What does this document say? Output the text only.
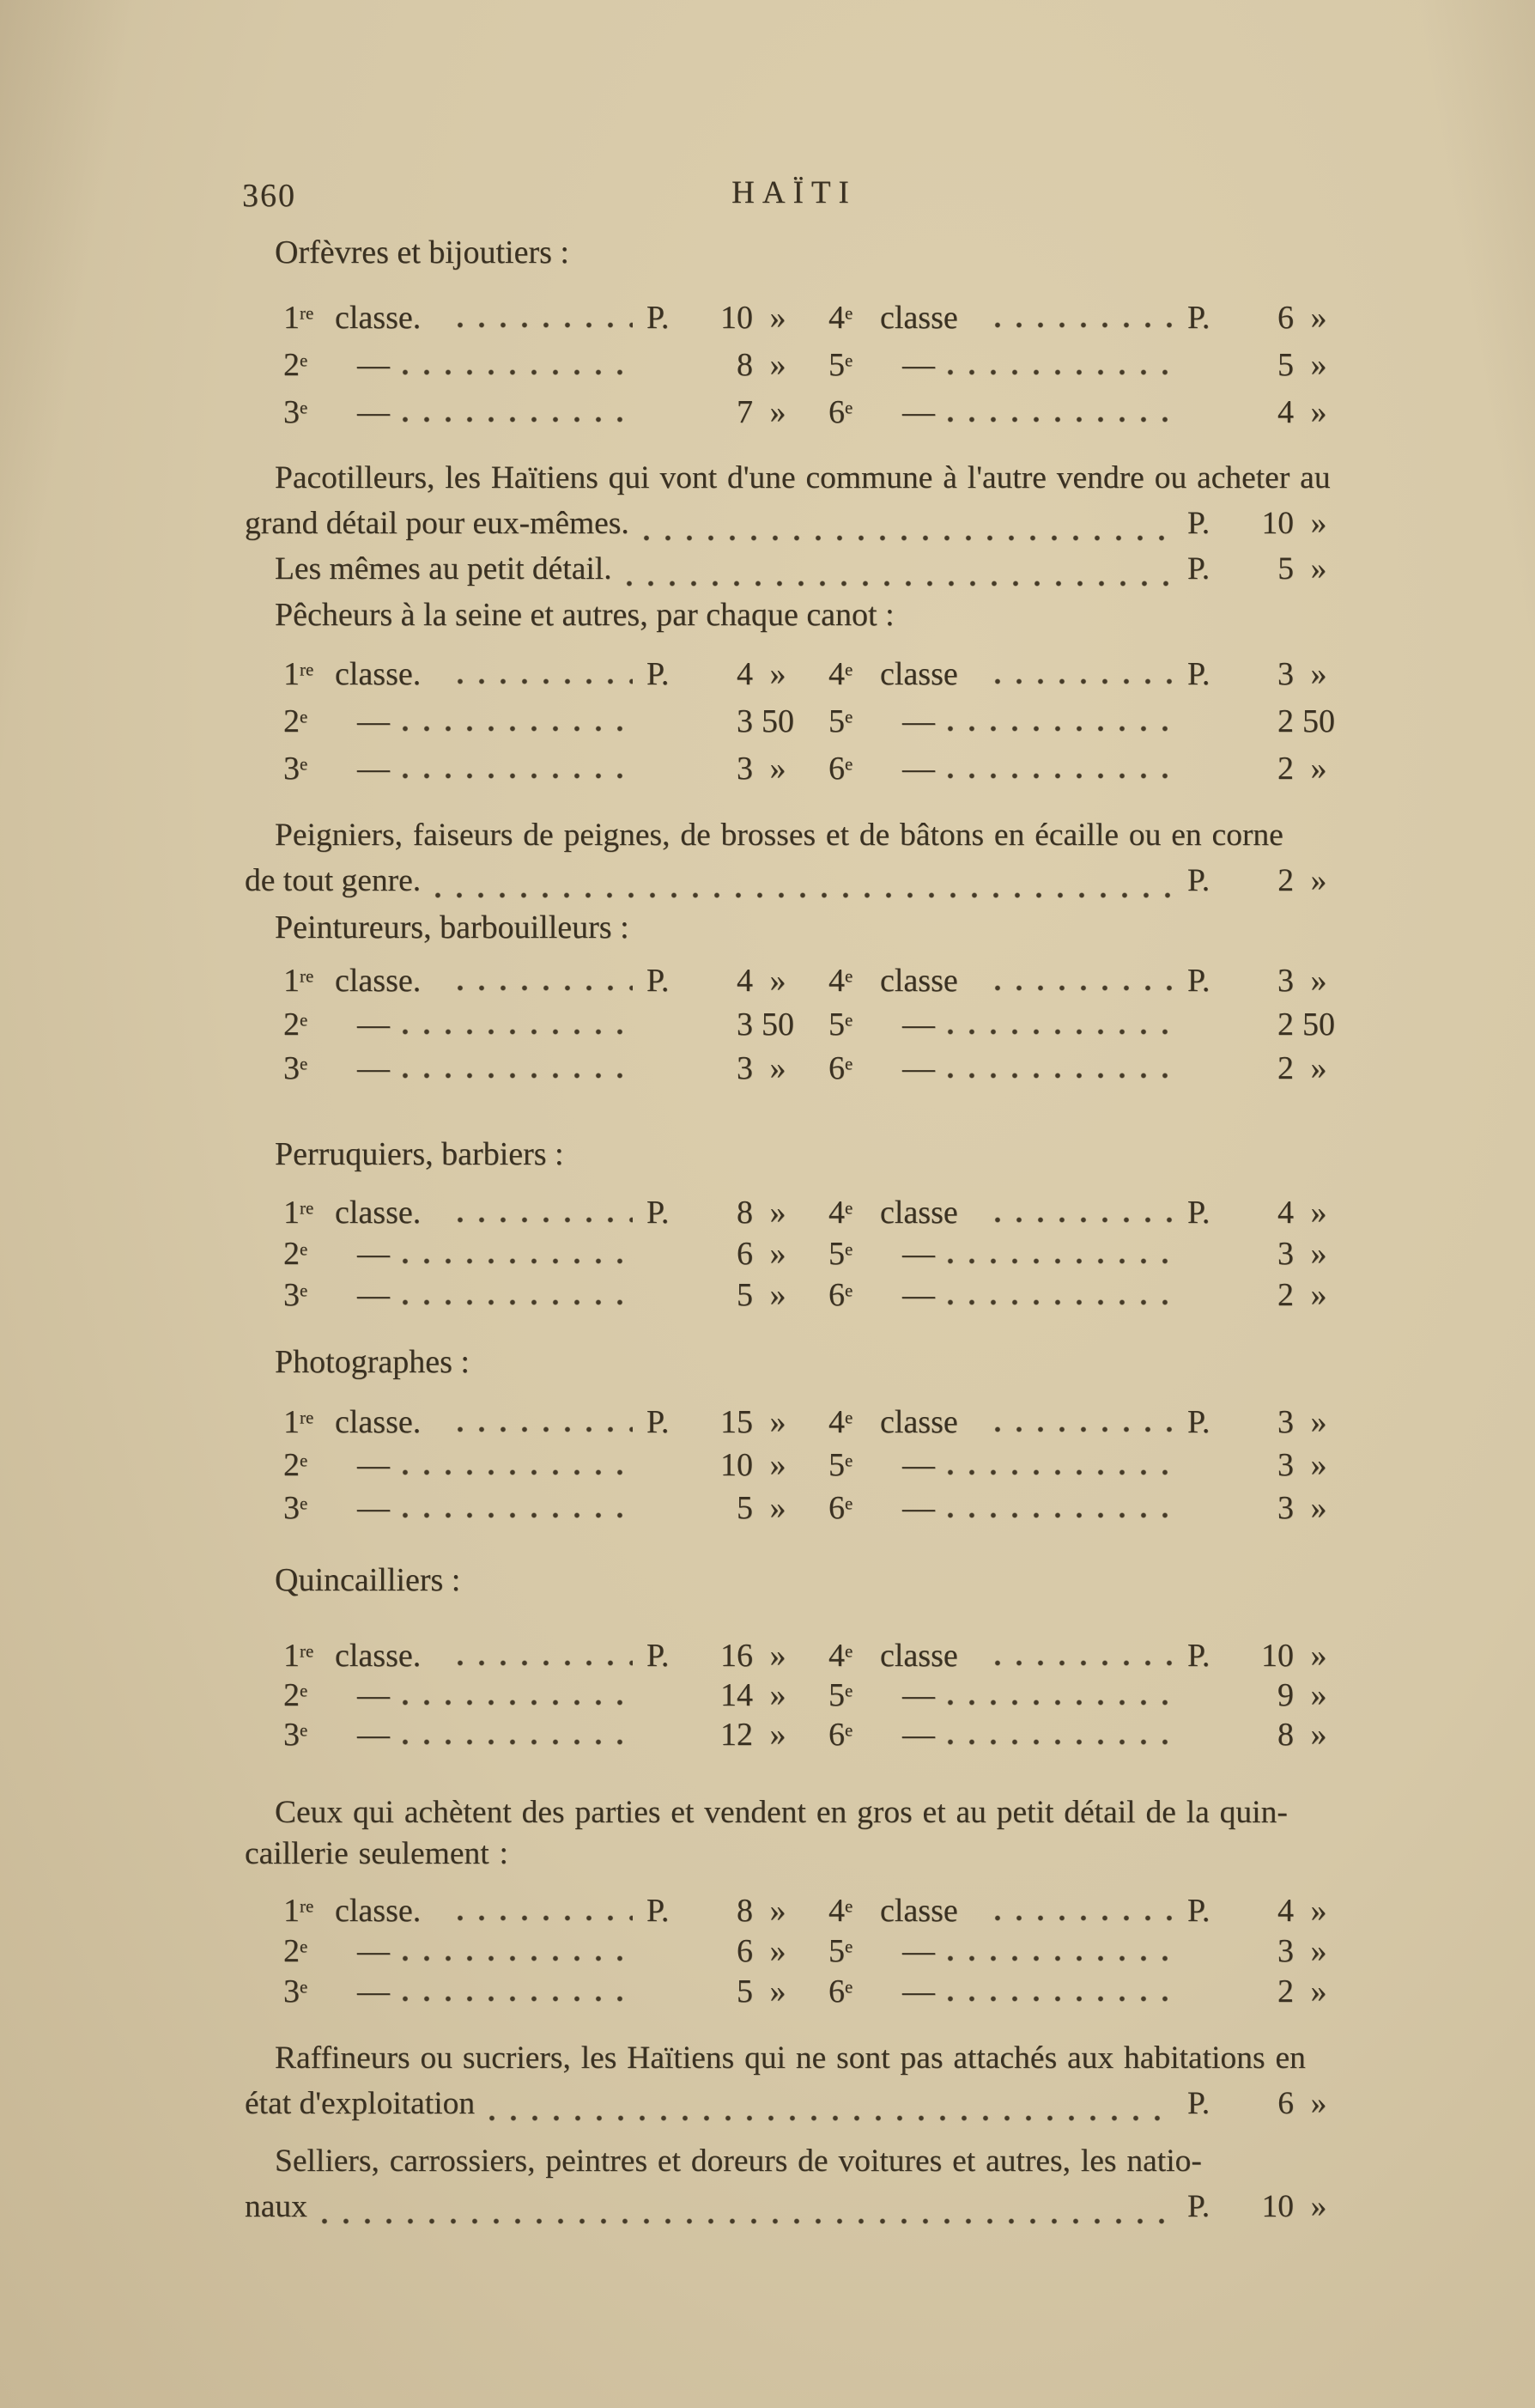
360	HAÏTI
Orfèvres et bijoutiers :
1re classe.	P.	10 »	4e classe	P.	6 »
2e	—	8 »	5e	—	5 »
3e	—	7 »	6e	—	4 »
Pacotilleurs, les Haïtiens qui vont d'une commune à l'autre vendre ou acheter au
grand détail pour eux-mêmes.	P.	10 »
Les mêmes au petit détail.	P.	5 »
Pêcheurs à la seine et autres, par chaque canot :
1re classe.	P.	4 »	4e classe	P.	3 »
2e	—	3 50 5e	—	2 50
3e	—	3 »	6e	—	2 »
Peigniers, faiseurs de peignes, de brosses et de bâtons en écaille ou en corne
de tout genre.	P.	2 »
Peintureurs, barbouilleurs :
1re classe.	P.	4 »	4e classe	P.	3 »
2e	—	3 50 5e	—	2 50
3e	—	3 »	6e	—	2 »
Perruquiers, barbiers :
1re classe.	P.	8 »	4e classe	P.	4 »
2e	—	6 »	5e	—	3 »
3e	—	5 »	6e	—	2 »
Photographes :
1re classe.	P.	15 »	4e classe	P.	3 »
2e	—	10 »	5e	—	3 »
3e	—	5 »	6e	—	3 »
Quincailliers :
1re classe.	P.	16 »	4e classe	P.	10 »
2e	—	14 »	5e	—	9 »
3e	—	12 »	6e	—	8 »
Ceux qui achètent des parties et vendent en gros et au petit détail de la quin-
caillerie seulement :
1re classe.	P.	8 »	4e classe	P.	4 »
2e	—	6 »	5e	—	3 »
3e	—	5 »	6e	—	2 »
Raffineurs ou sucriers, les Haïtiens qui ne sont pas attachés aux habitations en
état d'exploitation	P.	6 »
Selliers, carrossiers, peintres et doreurs de voitures et autres, les natio-
naux	P.	10 »
